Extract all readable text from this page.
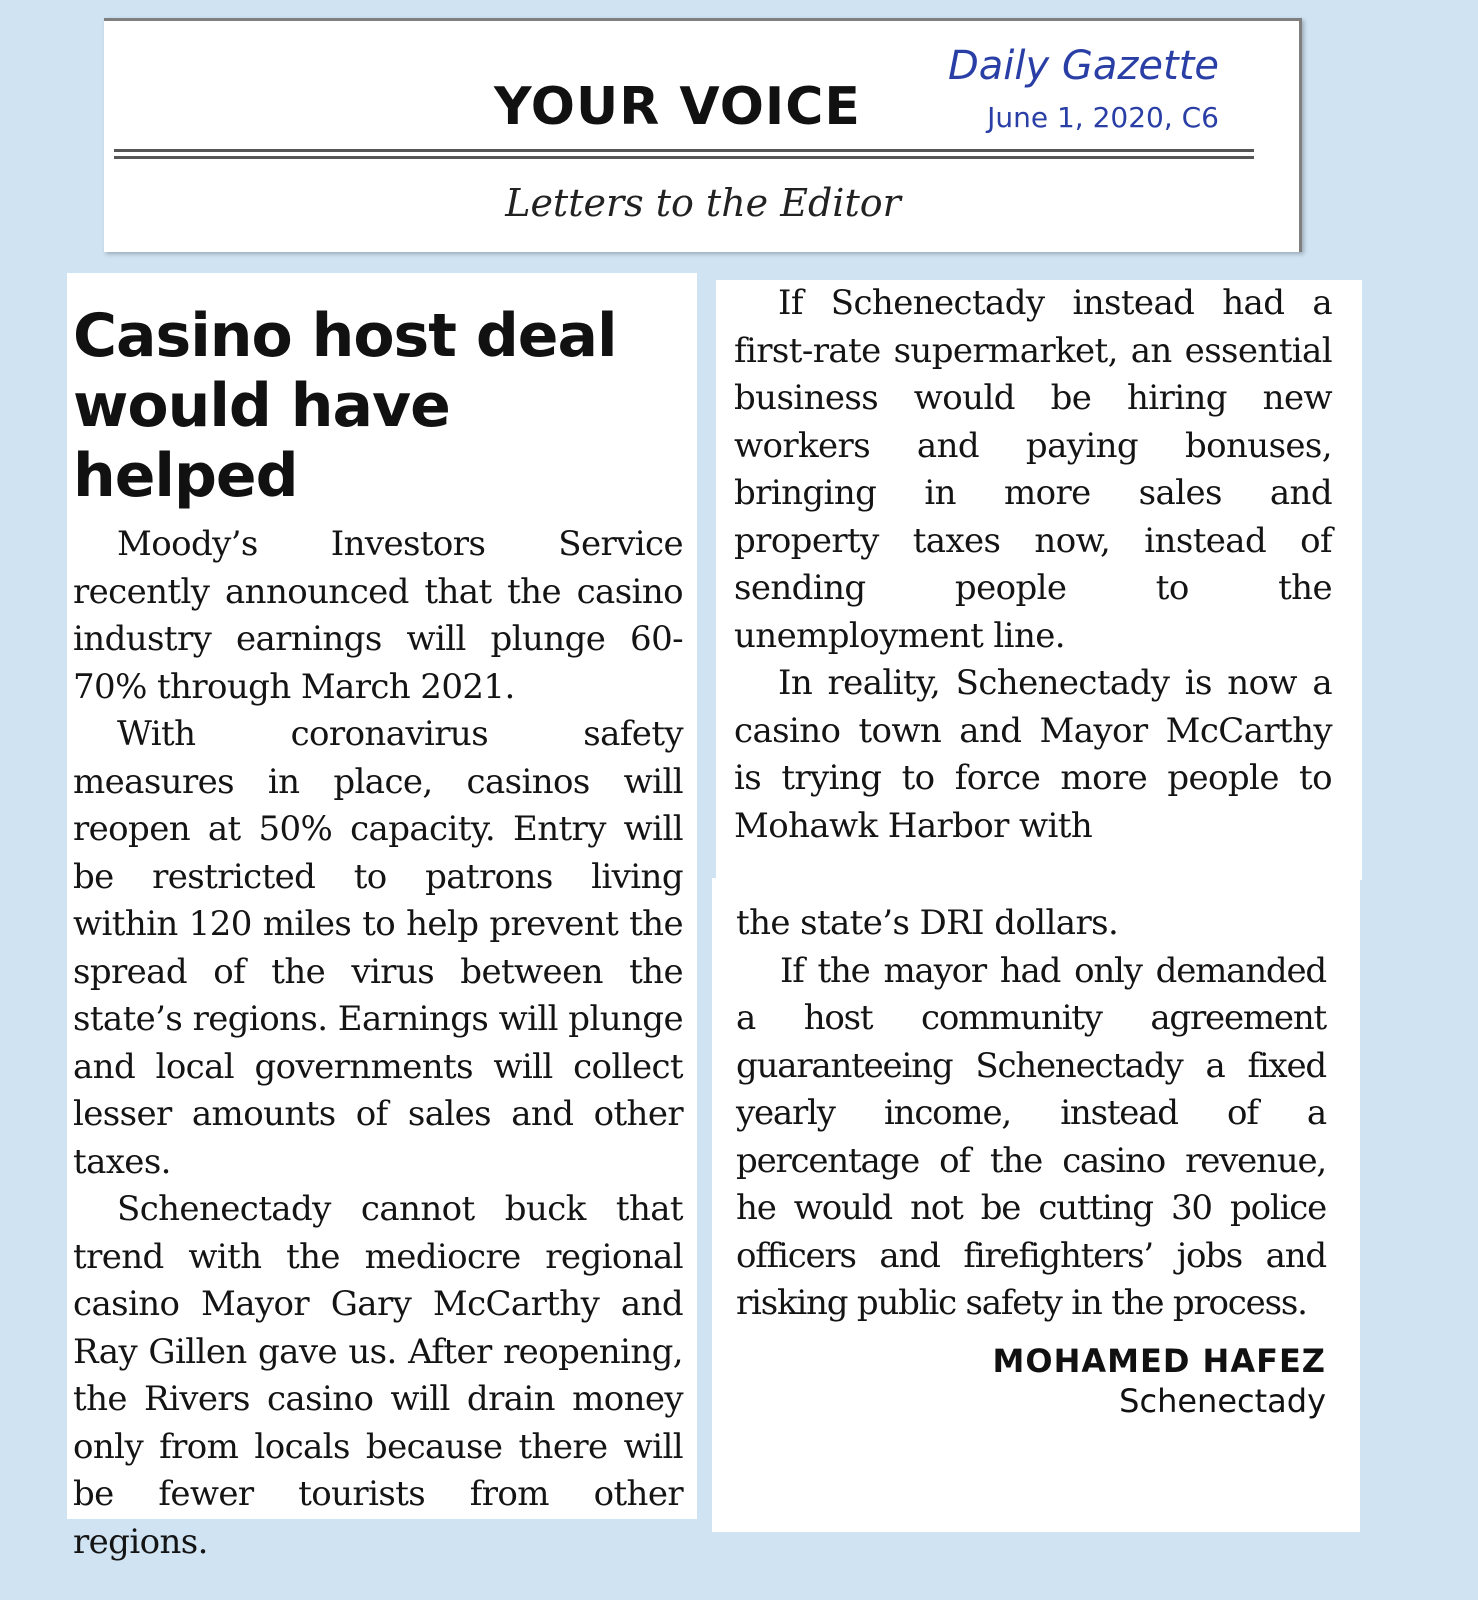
YOUR VOICE
Daily Gazette
June 1, 2020, C6
Letters to the Editor
Casino host deal would have helped

Moody’s Investors Service recently announced that the casino industry earnings will plunge 60-70% through March 2021.

With coronavirus safety measures in place, casinos will reopen at 50% capacity. Entry will be restricted to patrons living within 120 miles to help prevent the spread of the virus between the state’s regions. Earnings will plunge and local governments will collect lesser amounts of sales and other taxes.

Schenectady cannot buck that trend with the mediocre regional casino Mayor Gary McCarthy and Ray Gillen gave us. After reopening, the Rivers casino will drain money only from locals because there will be fewer tourists from other regions.

If Schenectady instead had a first-rate supermarket, an essential business would be hiring new workers and paying bonuses, bringing in more sales and property taxes now, instead of sending people to the unemployment line.

In reality, Schenectady is now a casino town and Mayor McCarthy is trying to force more people to Mohawk Harbor with

the state’s DRI dollars.

If the mayor had only demanded a host community agreement guaranteeing Schenectady a fixed yearly income, instead of a percentage of the casino revenue, he would not be cutting 30 police officers and firefighters’ jobs and risking public safety in the process.

MOHAMED HAFEZ
Schenectady
